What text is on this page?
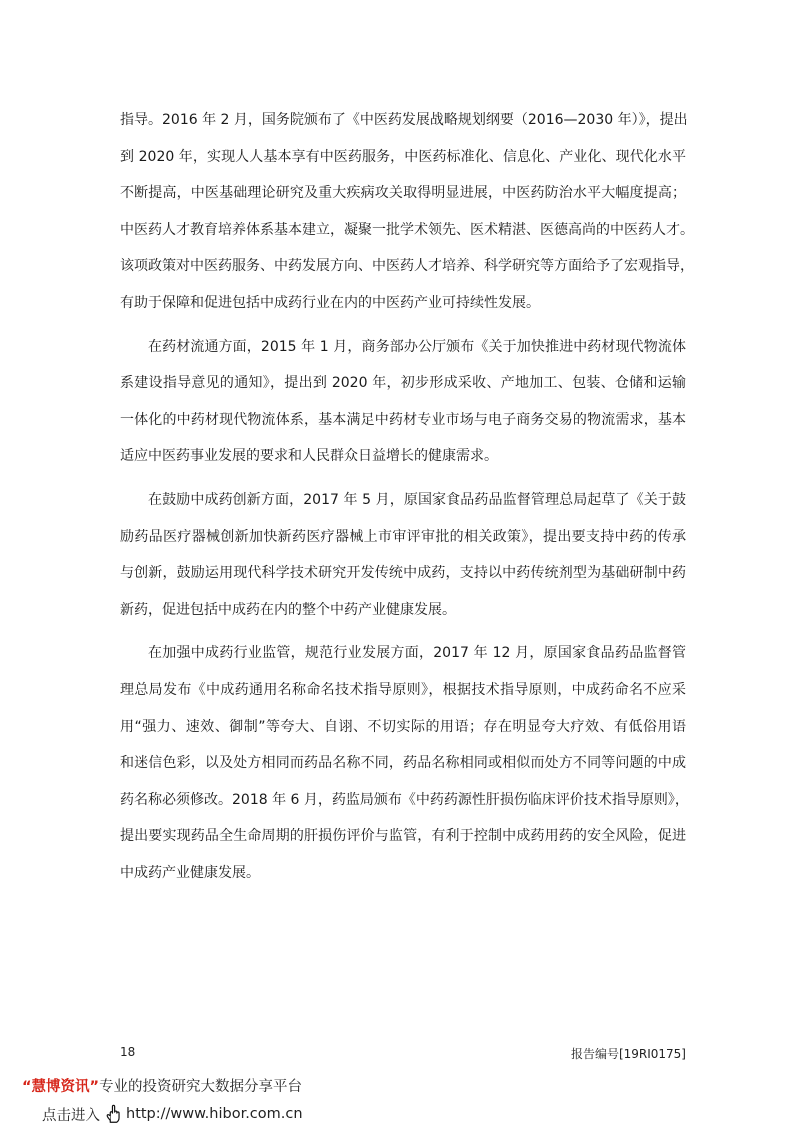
指导。2016 年 2 月，国务院颁布了《中医药发展战略规划纲要（2016—2030 年）》，提出
到 2020 年，实现人人基本享有中医药服务，中医药标准化、信息化、产业化、现代化水平
不断提高，中医基础理论研究及重大疾病攻关取得明显进展，中医药防治水平大幅度提高；
中医药人才教育培养体系基本建立，凝聚一批学术领先、医术精湛、医德高尚的中医药人才。
该项政策对中医药服务、中药发展方向、中医药人才培养、科学研究等方面给予了宏观指导，
有助于保障和促进包括中成药行业在内的中医药产业可持续性发展。
在药材流通方面，2015 年 1 月，商务部办公厅颁布《关于加快推进中药材现代物流体
系建设指导意见的通知》，提出到 2020 年，初步形成采收、产地加工、包装、仓储和运输
一体化的中药材现代物流体系，基本满足中药材专业市场与电子商务交易的物流需求，基本
适应中医药事业发展的要求和人民群众日益增长的健康需求。
在鼓励中成药创新方面，2017 年 5 月，原国家食品药品监督管理总局起草了《关于鼓
励药品医疗器械创新加快新药医疗器械上市审评审批的相关政策》，提出要支持中药的传承
与创新，鼓励运用现代科学技术研究开发传统中成药，支持以中药传统剂型为基础研制中药
新药，促进包括中成药在内的整个中药产业健康发展。
在加强中成药行业监管，规范行业发展方面，2017 年 12 月，原国家食品药品监督管
理总局发布《中成药通用名称命名技术指导原则》，根据技术指导原则，中成药命名不应采
用“强力、速效、御制”等夸大、自诩、不切实际的用语；存在明显夸大疗效、有低俗用语
和迷信色彩，以及处方相同而药品名称不同，药品名称相同或相似而处方不同等问题的中成
药名称必须修改。2018 年 6 月，药监局颁布《中药药源性肝损伤临床评价技术指导原则》，
提出要实现药品全生命周期的肝损伤评价与监管，有利于控制中成药用药的安全风险，促进
中成药产业健康发展。
18	报告编号[19RI0175]
“慧博资讯”专业的投资研究大数据分享平台
点击进入 http://www.hibor.com.cn
